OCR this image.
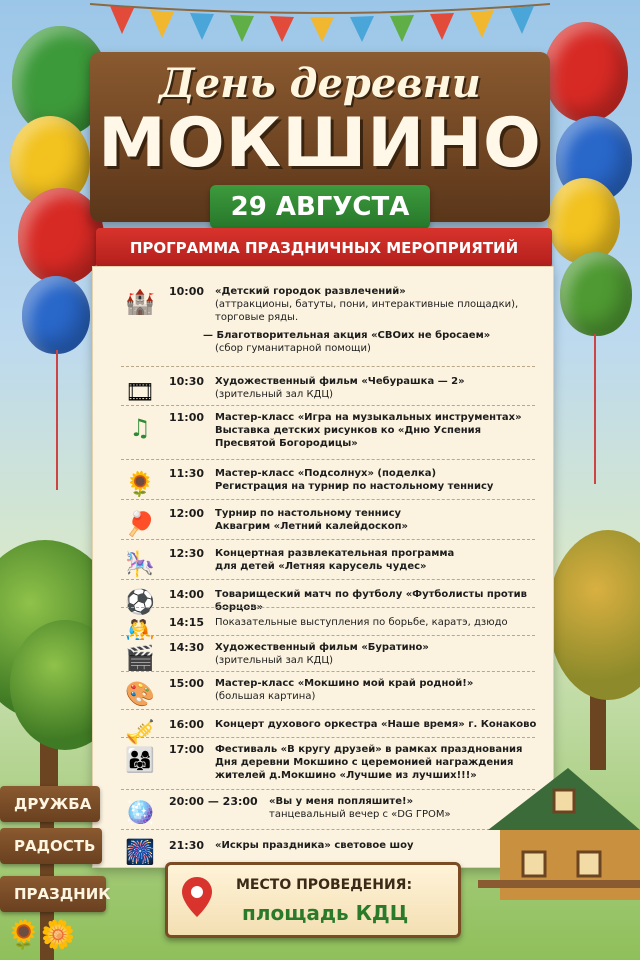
День деревни
МОКШИНО
29 АВГУСТА
ПРОГРАММА ПРАЗДНИЧНЫХ МЕРОПРИЯТИЙ
🏰 10:00 «Детский городок развлечений»
(аттракционы, батуты, пони, интерактивные площадки),
торговые ряды.
— Благотворительная акция «СВОих не бросаем»
(сбор гуманитарной помощи)
🎞 10:30 Художественный фильм «Чебурашка — 2»
(зрительный зал КДЦ)
♫	11:00 Мастер-класс «Игра на музыкальных инструментах»
Выставка детских рисунков ко «Дню Успения
Пресвятой Богородицы»
🌻 11:30 Мастер-класс «Подсолнух» (поделка)
Регистрация на турнир по настольному теннису
🏓 12:00 Турнир по настольному теннису
Аквагрим «Летний калейдоскоп»
🎠 12:30 Концертная развлекательная программа
для детей «Летняя карусель чудес»
⚽ 14:00 Товарищеский матч по футболу «Футболисты против борцов»
🤼 14:15 Показательные выступления по борьбе, каратэ, дзюдо
🎬 14:30 Художественный фильм «Буратино»
(зрительный зал КДЦ)
🎨 15:00 Мастер-класс «Мокшино мой край родной!»
(большая картина)
🎺 16:00 Концерт духового оркестра «Наше время» г. Конаково
👨‍👩‍👧 17:00 Фестиваль «В кругу друзей» в рамках празднования
Дня деревни Мокшино с церемонией награждения
жителей д.Мокшино «Лучшие из лучших!!!»
🪩 20:00 — 23:00 «Вы у меня попляшите!»
танцевальный вечер с «DG ГРОМ»
🎆 21:30 «Искры праздника» световое шоу
ДРУЖБА
РАДОСТЬ
ПРАЗДНИК
🌻🌼
МЕСТО ПРОВЕДЕНИЯ:
площадь КДЦ
